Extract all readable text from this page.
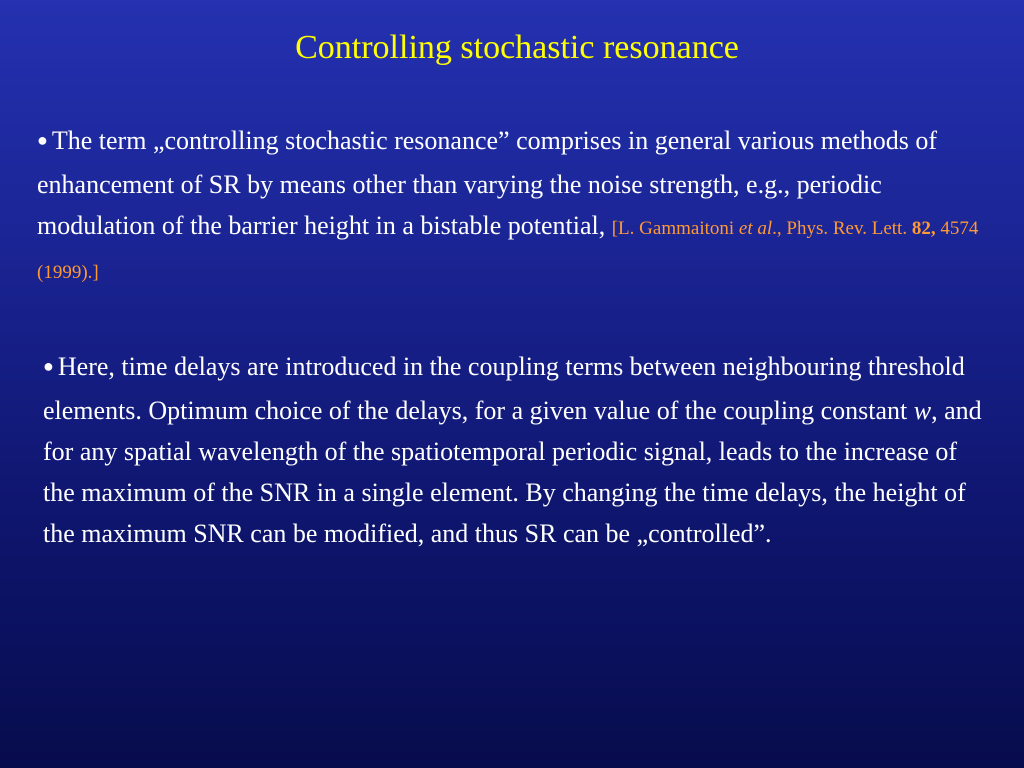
Controlling stochastic resonance
● The term „controlling stochastic resonance” comprises in general various methods of enhancement of SR by means other than varying the noise strength, e.g., periodic modulation of the barrier height in a bistable potential, [L. Gammaitoni et al., Phys. Rev. Lett. 82, 4574 (1999).]
● Here, time delays are introduced in the coupling terms between neighbouring threshold elements. Optimum choice of the delays, for a given value of the coupling constant w, and for any spatial wavelength of the spatiotemporal periodic signal, leads to the increase of the maximum of the SNR in a single element. By changing the time delays, the height of the maximum SNR can be modified, and thus SR can be „controlled”.
